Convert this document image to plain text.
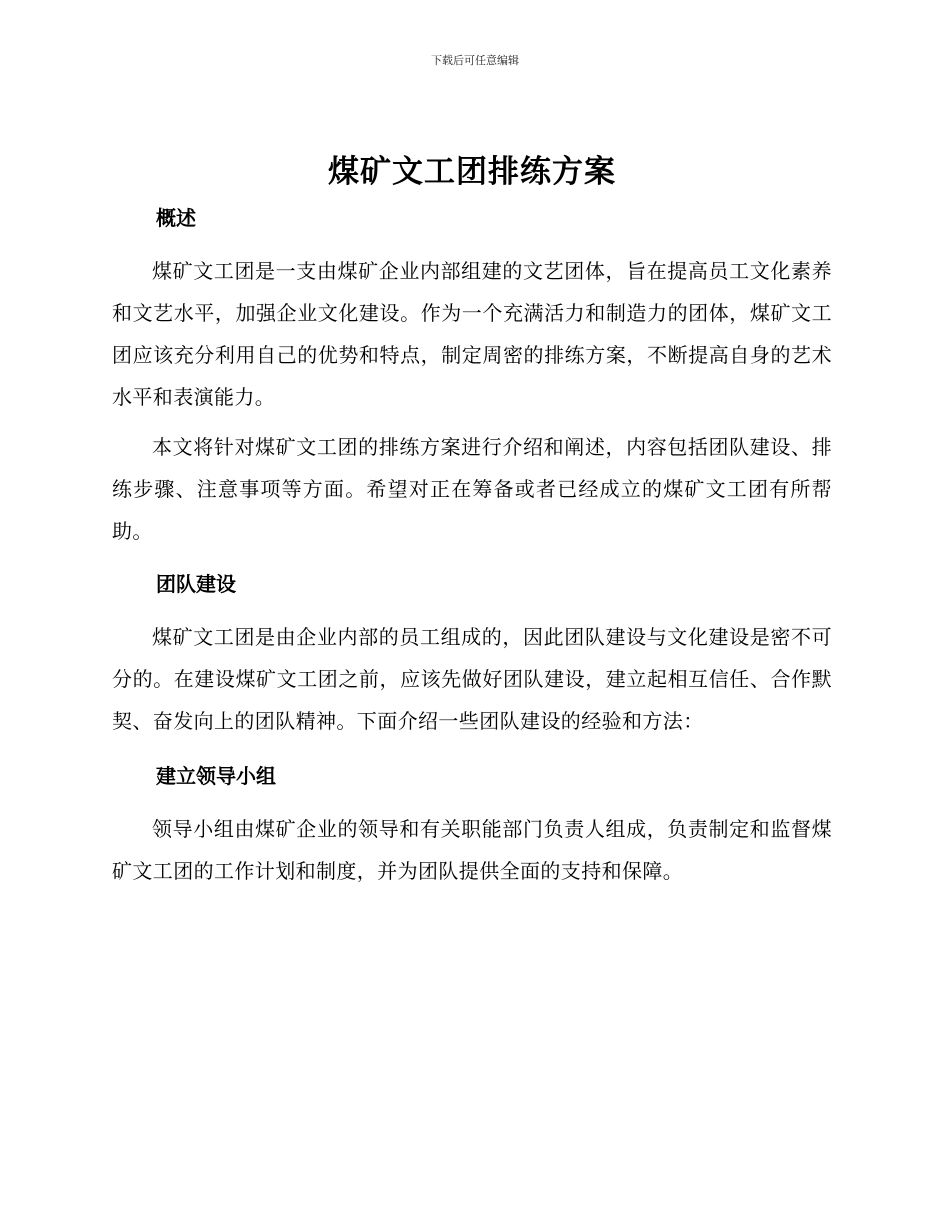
下载后可任意编辑
煤矿文工团排练方案
概述

煤矿文工团是一支由煤矿企业内部组建的文艺团体，旨在提高员工文化素养和文艺水平，加强企业文化建设。作为一个充满活力和制造力的团体，煤矿文工团应该充分利用自己的优势和特点，制定周密的排练方案，不断提高自身的艺术水平和表演能力。

本文将针对煤矿文工团的排练方案进行介绍和阐述，内容包括团队建设、排练步骤、注意事项等方面。希望对正在筹备或者已经成立的煤矿文工团有所帮助。

团队建设

煤矿文工团是由企业内部的员工组成的，因此团队建设与文化建设是密不可分的。在建设煤矿文工团之前，应该先做好团队建设，建立起相互信任、合作默契、奋发向上的团队精神。下面介绍一些团队建设的经验和方法：

建立领导小组

领导小组由煤矿企业的领导和有关职能部门负责人组成，负责制定和监督煤矿文工团的工作计划和制度，并为团队提供全面的支持和保障。
